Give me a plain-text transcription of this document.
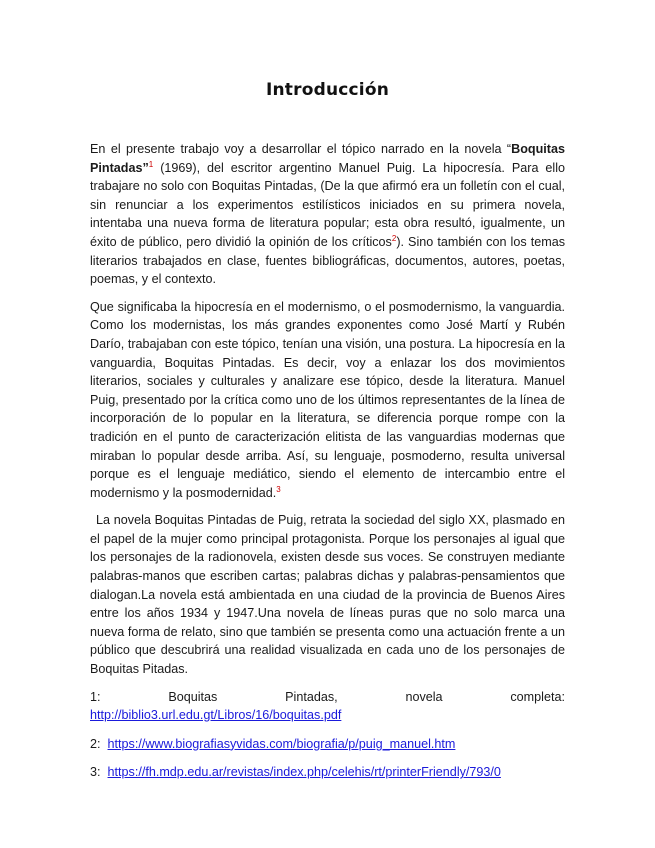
Introducción

En el presente trabajo voy a desarrollar el tópico narrado en la novela “Boquitas Pintadas”$^1$ (1969), del escritor argentino Manuel Puig. La hipocresía. Para ello trabajare no solo con Boquitas Pintadas, (De la que afirmó era un folletín con el cual, sin renunciar a los experimentos estilísticos iniciados en su primera novela, intentaba una nueva forma de literatura popular; esta obra resultó, igualmente, un éxito de público, pero dividió la opinión de los críticos$^2$). Sino también con los temas literarios trabajados en clase, fuentes bibliográficas, documentos, autores, poetas, poemas, y el contexto.

Que significaba la hipocresía en el modernismo, o el posmodernismo, la vanguardia. Como los modernistas, los más grandes exponentes como José Martí y Rubén Darío, trabajaban con este tópico, tenían una visión, una postura. La hipocresía en la vanguardia, Boquitas Pintadas. Es decir, voy a enlazar los dos movimientos literarios, sociales y culturales y analizare ese tópico, desde la literatura. Manuel Puig, presentado por la crítica como uno de los últimos representantes de la línea de incorporación de lo popular en la literatura, se diferencia porque rompe con la tradición en el punto de caracterización elitista de las vanguardias modernas que miraban lo popular desde arriba. Así, su lenguaje, posmoderno, resulta universal porque es el lenguaje mediático, siendo el elemento de intercambio entre el modernismo y la posmodernidad.$^3$

La novela Boquitas Pintadas de Puig, retrata la sociedad del siglo XX, plasmado en el papel de la mujer como principal protagonista. Porque los personajes al igual que los personajes de la radionovela, existen desde sus voces. Se construyen mediante palabras-manos que escriben cartas; palabras dichas y palabras-pensamientos que dialogan.La novela está ambientada en una ciudad de la provincia de Buenos Aires entre los años 1934 y 1947.Una novela de líneas puras que no solo marca una nueva forma de relato, sino que también se presenta como una actuación frente a un público que descubrirá una realidad visualizada en cada uno de los personajes de Boquitas Pitadas.

1:	Boquitas	Pintadas,	novela	completa:
http://biblio3.url.edu.gt/Libros/16/boquitas.pdf
2: https://www.biografiasyvidas.com/biografia/p/puig_manuel.htm
3: https://fh.mdp.edu.ar/revistas/index.php/celehis/rt/printerFriendly/793/0
